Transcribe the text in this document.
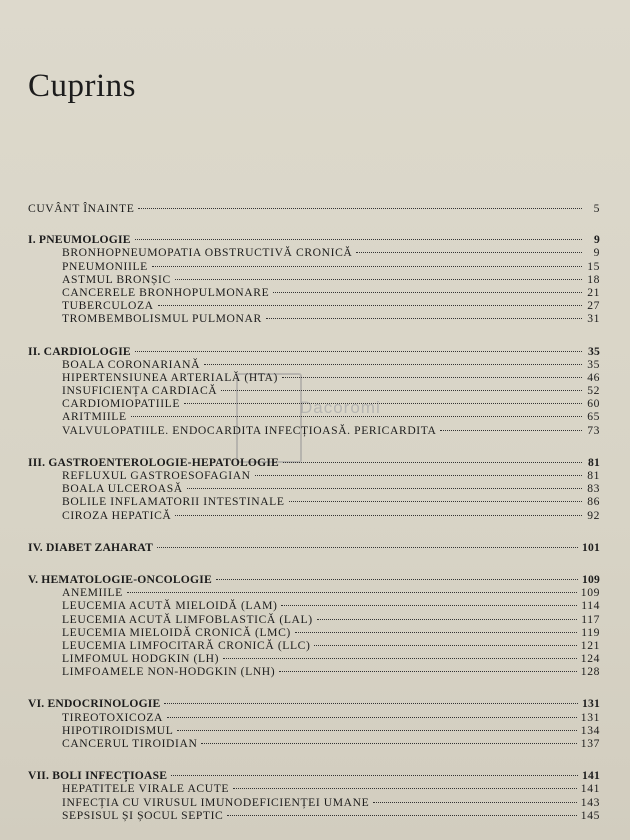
Cuprins
Dacoromi
CUVÂNT ÎNAINTE	5
I. PNEUMOLOGIE	9
BRONHOPNEUMOPATIA OBSTRUCTIVĂ CRONICĂ	9
PNEUMONIILE	15
ASTMUL BRONȘIC	18
CANCERELE BRONHOPULMONARE	21
TUBERCULOZA	27
TROMBEMBOLISMUL PULMONAR	31
II. CARDIOLOGIE	35
BOALA CORONARIANĂ	35
HIPERTENSIUNEA ARTERIALĂ (HTA)	46
INSUFICIENȚA CARDIACĂ	52
CARDIOMIOPATIILE	60
ARITMIILE	65
VALVULOPATIILE. ENDOCARDITA INFECȚIOASĂ. PERICARDITA	73
III. GASTROENTEROLOGIE-HEPATOLOGIE	81
REFLUXUL GASTROESOFAGIAN	81
BOALA ULCEROASĂ	83
BOLILE INFLAMATORII INTESTINALE	86
CIROZA HEPATICĂ	92
IV. DIABET ZAHARAT	101
V. HEMATOLOGIE-ONCOLOGIE	109
ANEMIILE	109
LEUCEMIA ACUTĂ MIELOIDĂ (LAM)	114
LEUCEMIA ACUTĂ LIMFOBLASTICĂ (LAL)	117
LEUCEMIA MIELOIDĂ CRONICĂ (LMC)	119
LEUCEMIA LIMFOCITARĂ CRONICĂ (LLC)	121
LIMFOMUL HODGKIN (LH)	124
LIMFOAMELE NON-HODGKIN (LNH)	128
VI. ENDOCRINOLOGIE	131
TIREOTOXICOZA	131
HIPOTIROIDISMUL	134
CANCERUL TIROIDIAN	137
VII. BOLI INFECȚIOASE	141
HEPATITELE VIRALE ACUTE	141
INFECȚIA CU VIRUSUL IMUNODEFICIENȚEI UMANE	143
SEPSISUL ȘI ȘOCUL SEPTIC	145
